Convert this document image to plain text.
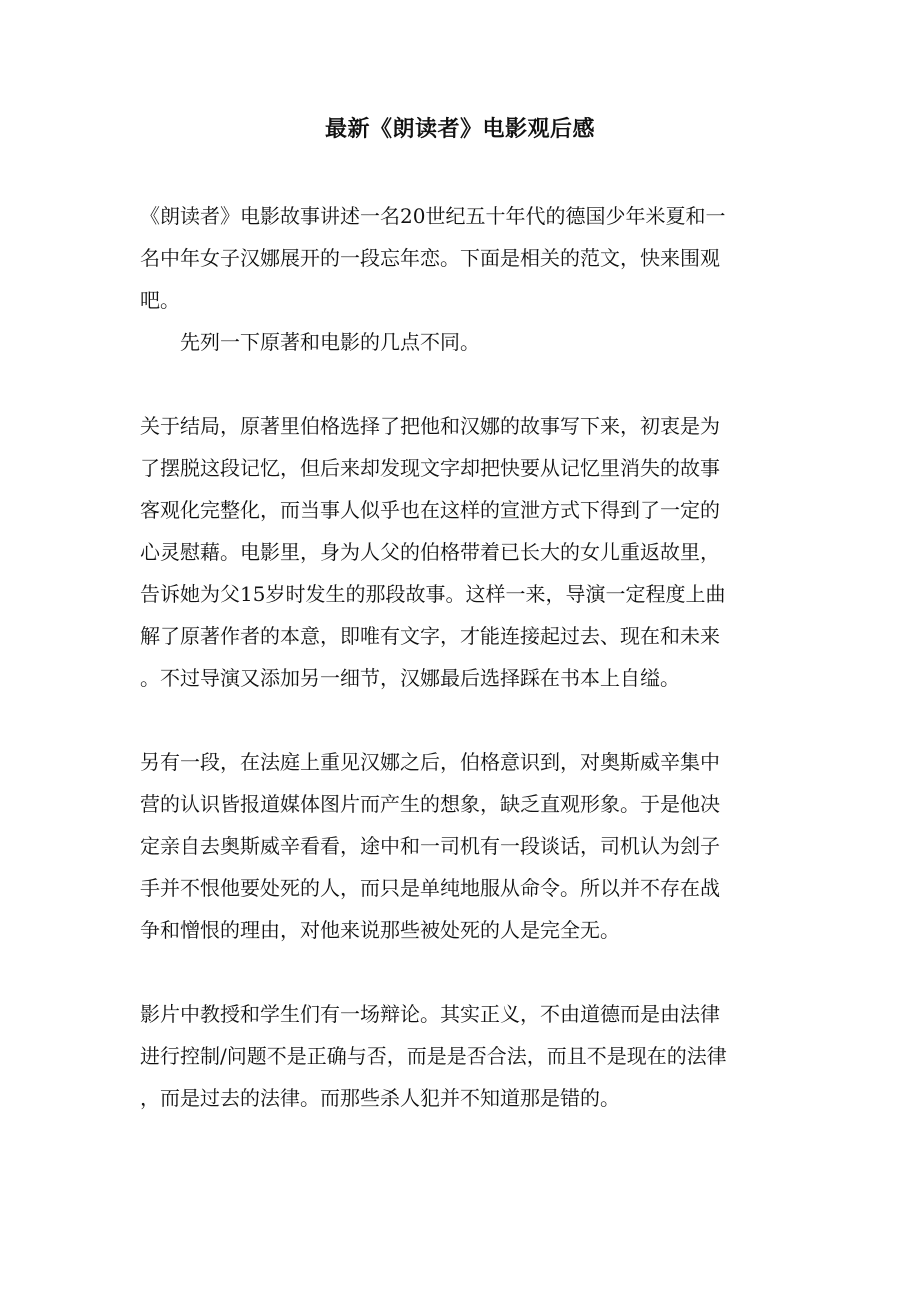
最新《朗读者》电影观后感
《朗读者》电影故事讲述一名20世纪五十年代的德国少年米夏和一
名中年女子汉娜展开的一段忘年恋。下面是相关的范文，快来围观
吧。
先列一下原著和电影的几点不同。
关于结局，原著里伯格选择了把他和汉娜的故事写下来，初衷是为
了摆脱这段记忆，但后来却发现文字却把快要从记忆里消失的故事
客观化完整化，而当事人似乎也在这样的宣泄方式下得到了一定的
心灵慰藉。电影里，身为人父的伯格带着已长大的女儿重返故里，
告诉她为父15岁时发生的那段故事。这样一来，导演一定程度上曲
解了原著作者的本意，即唯有文字，才能连接起过去、现在和未来
。不过导演又添加另一细节，汉娜最后选择踩在书本上自缢。
另有一段，在法庭上重见汉娜之后，伯格意识到，对奥斯威辛集中
营的认识皆报道媒体图片而产生的想象，缺乏直观形象。于是他决
定亲自去奥斯威辛看看，途中和一司机有一段谈话，司机认为刽子
手并不恨他要处死的人，而只是单纯地服从命令。所以并不存在战
争和憎恨的理由，对他来说那些被处死的人是完全无。
影片中教授和学生们有一场辩论。其实正义，不由道德而是由法律
进行控制/问题不是正确与否，而是是否合法，而且不是现在的法律
，而是过去的法律。而那些杀人犯并不知道那是错的。
